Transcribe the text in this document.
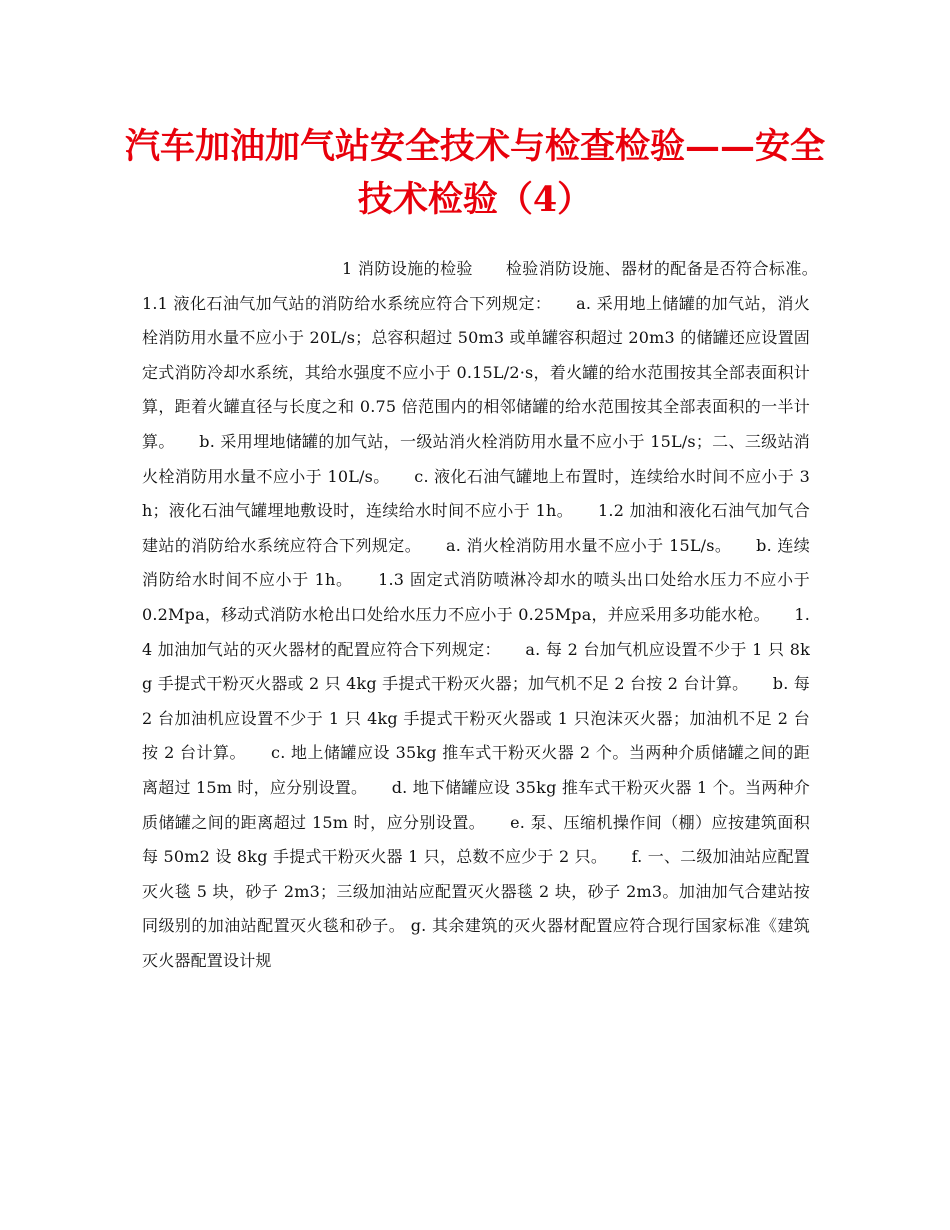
汽车加油加气站安全技术与检查检验——安全技术检验（4）

1 消防设施的检验　　检验消防设施、器材的配备是否符合标准。　　1.1 液化石油气加气站的消防给水系统应符合下列规定：　　a. 采用地上储罐的加气站，消火栓消防用水量不应小于 20L/s；总容积超过 50m3 或单罐容积超过 20m3 的储罐还应设置固定式消防冷却水系统，其给水强度不应小于 0.15L/2·s，着火罐的给水范围按其全部表面积计算，距着火罐直径与长度之和 0.75 倍范围内的相邻储罐的给水范围按其全部表面积的一半计算。　　b. 采用埋地储罐的加气站，一级站消火栓消防用水量不应小于 15L/s；二、三级站消火栓消防用水量不应小于 10L/s。　　c. 液化石油气罐地上布置时，连续给水时间不应小于 3h；液化石油气罐埋地敷设时，连续给水时间不应小于 1h。　　1.2 加油和液化石油气加气合建站的消防给水系统应符合下列规定。　　a. 消火栓消防用水量不应小于 15L/s。　　b. 连续消防给水时间不应小于 1h。　　1.3 固定式消防喷淋冷却水的喷头出口处给水压力不应小于 0.2Mpa，移动式消防水枪出口处给水压力不应小于 0.25Mpa，并应采用多功能水枪。　　1.4 加油加气站的灭火器材的配置应符合下列规定：　　a. 每 2 台加气机应设置不少于 1 只 8kg 手提式干粉灭火器或 2 只 4kg 手提式干粉灭火器；加气机不足 2 台按 2 台计算。　　b. 每 2 台加油机应设置不少于 1 只 4kg 手提式干粉灭火器或 1 只泡沫灭火器；加油机不足 2 台按 2 台计算。　　c. 地上储罐应设 35kg 推车式干粉灭火器 2 个。当两种介质储罐之间的距离超过 15m 时，应分别设置。　　d. 地下储罐应设 35kg 推车式干粉灭火器 1 个。当两种介质储罐之间的距离超过 15m 时，应分别设置。　　e. 泵、压缩机操作间（棚）应按建筑面积每 50m2 设 8kg 手提式干粉灭火器 1 只，总数不应少于 2 只。　　f. 一、二级加油站应配置灭火毯 5 块，砂子 2m3；三级加油站应配置灭火器毯 2 块，砂子 2m3。加油加气合建站按同级别的加油站配置灭火毯和砂子。 g. 其余建筑的灭火器材配置应符合现行国家标准《建筑灭火器配置设计规
